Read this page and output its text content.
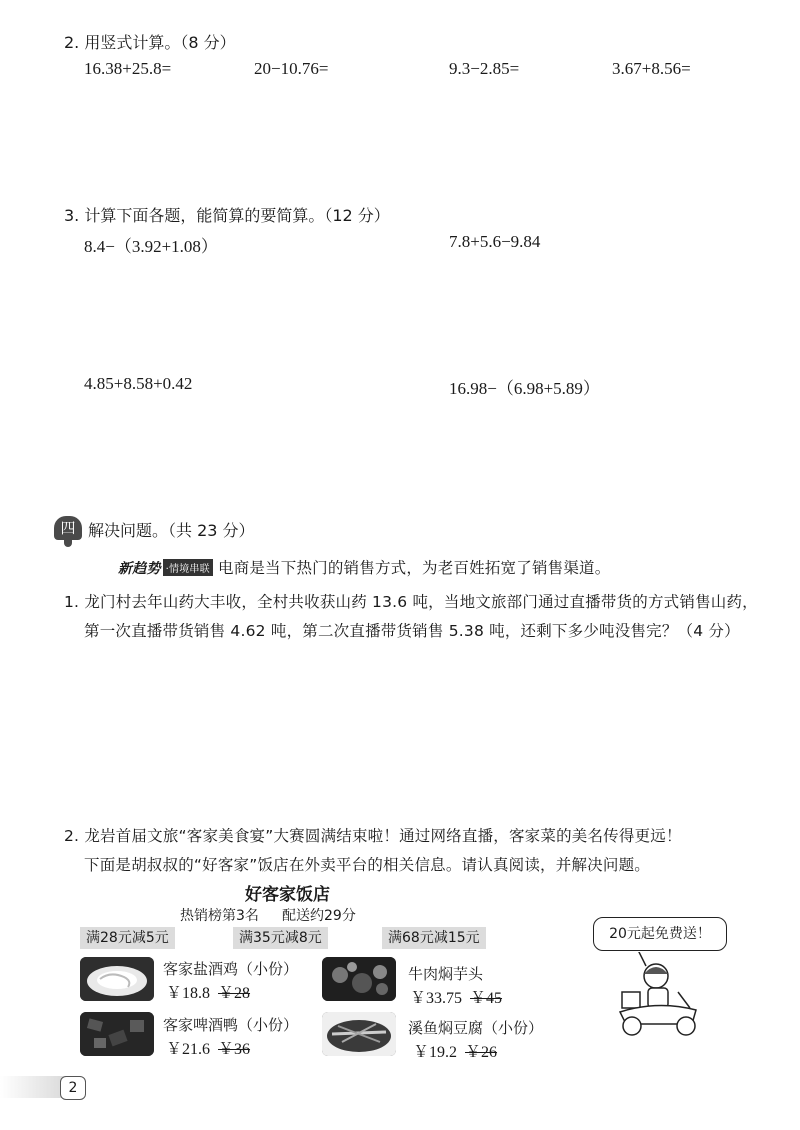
2. 用竖式计算。（8 分）
16.38+25.8=	20−10.76=	9.3−2.85=	3.67+8.56=
3. 计算下面各题，能简算的要简算。（12 分）
8.4−（3.92+1.08）	7.8+5.6−9.84
4.85+8.58+0.42	16.98−（6.98+5.89）
四 解决问题。（共 23 分）
新趋势 ·情境串联 电商是当下热门的销售方式，为老百姓拓宽了销售渠道。
1. 龙门村去年山药大丰收，全村共收获山药 13.6 吨，当地文旅部门通过直播带货的方式销售山药，
第一次直播带货销售 4.62 吨，第二次直播带货销售 5.38 吨，还剩下多少吨没售完？（4 分）
2. 龙岩首届文旅“客家美食宴”大赛圆满结束啦！通过网络直播，客家菜的美名传得更远！
下面是胡叔叔的“好客家”饭店在外卖平台的相关信息。请认真阅读，并解决问题。
好客家饭店
热销榜第3名 配送约29分
满28元减5元	满35元减8元	满68元减15元
客家盐酒鸡（小份）
￥18.8 ￥28
牛肉焖芋头
￥33.75 ￥45
客家啤酒鸭（小份）
￥21.6 ￥36
溪鱼焖豆腐（小份）
￥19.2 ￥26
20元起免费送！
2
